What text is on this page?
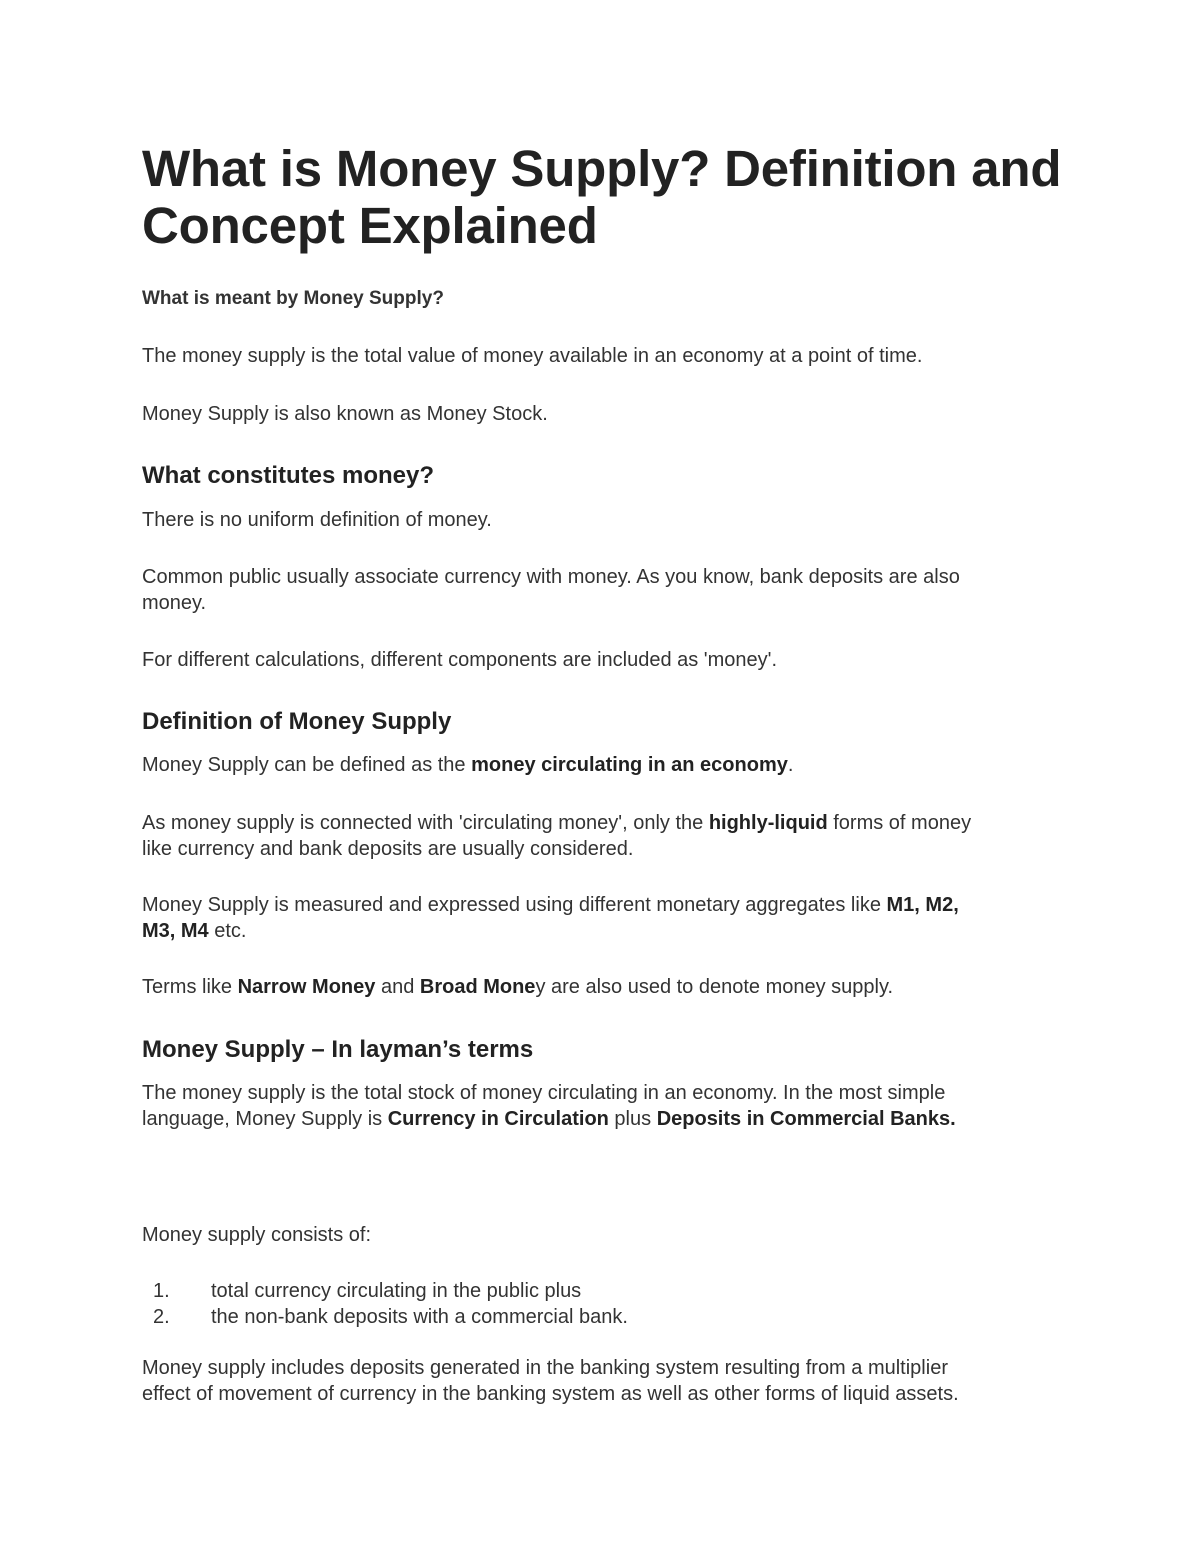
What is Money Supply? Definition and
Concept Explained

What is meant by Money Supply?

The money supply is the total value of money available in an economy at a point of time.

Money Supply is also known as Money Stock.

What constitutes money?

There is no uniform definition of money.

Common public usually associate currency with money. As you know, bank deposits are also
money.

For different calculations, different components are included as 'money'.

Definition of Money Supply

Money Supply can be defined as the money circulating in an economy.

As money supply is connected with 'circulating money', only the highly-liquid forms of money
like currency and bank deposits are usually considered.

Money Supply is measured and expressed using different monetary aggregates like M1, M2,
M3, M4 etc.

Terms like Narrow Money and Broad Money are also used to denote money supply.

Money Supply – In layman’s terms

The money supply is the total stock of money circulating in an economy. In the most simple
language, Money Supply is Currency in Circulation plus Deposits in Commercial Banks.

Money supply consists of:

1. total currency circulating in the public plus
2. the non-bank deposits with a commercial bank.

Money supply includes deposits generated in the banking system resulting from a multiplier
effect of movement of currency in the banking system as well as other forms of liquid assets.
